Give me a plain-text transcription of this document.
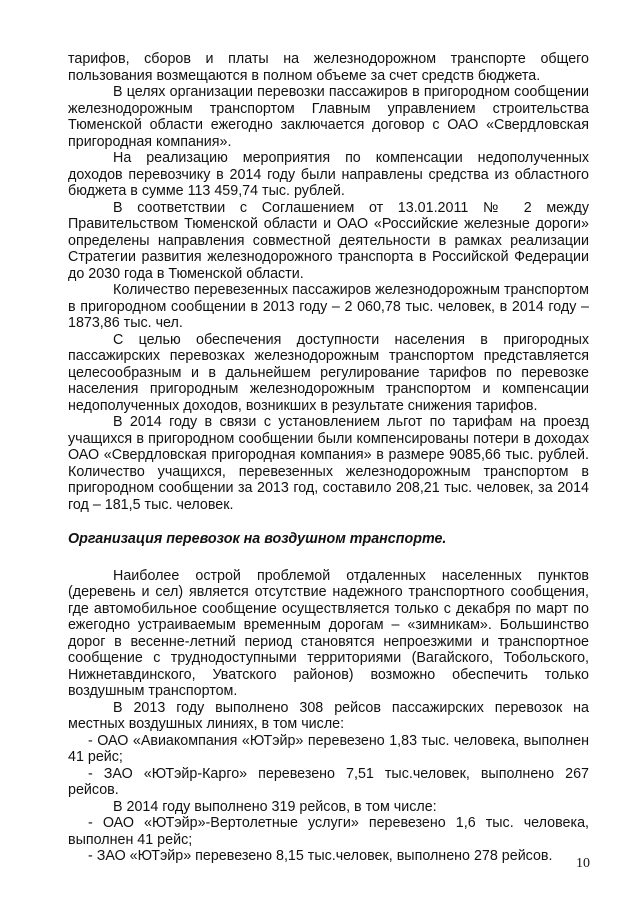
тарифов, сборов и платы на железнодорожном транспорте общего пользования возмещаются в полном объеме за счет средств бюджета.

В целях организации перевозки пассажиров в пригородном сообщении железнодорожным транспортом Главным управлением строительства Тюменской области ежегодно заключается договор с ОАО «Свердловская пригородная компания».

На реализацию мероприятия по компенсации недополученных доходов перевозчику в 2014 году были направлены средства из областного бюджета в сумме 113 459,74 тыс. рублей.

В соответствии с Соглашением от 13.01.2011 № 2 между Правительством Тюменской области и ОАО «Российские железные дороги» определены направления совместной деятельности в рамках реализации Стратегии развития железнодорожного транспорта в Российской Федерации до 2030 года в Тюменской области.

Количество перевезенных пассажиров железнодорожным транспортом в пригородном сообщении в 2013 году – 2 060,78 тыс. человек, в 2014 году – 1873,86 тыс. чел.

С целью обеспечения доступности населения в пригородных пассажирских перевозках железнодорожным транспортом представляется целесообразным и в дальнейшем регулирование тарифов по перевозке населения пригородным железнодорожным транспортом и компенсации недополученных доходов, возникших в результате снижения тарифов.

В 2014 году в связи с установлением льгот по тарифам на проезд учащихся в пригородном сообщении были компенсированы потери в доходах ОАО «Свердловская пригородная компания» в размере 9085,66 тыс. рублей. Количество учащихся, перевезенных железнодорожным транспортом в пригородном сообщении за 2013 год, составило 208,21 тыс. человек, за 2014 год – 181,5 тыс. человек.

Организация перевозок на воздушном транспорте.

Наиболее острой проблемой отдаленных населенных пунктов (деревень и сел) является отсутствие надежного транспортного сообщения, где автомобильное сообщение осуществляется только с декабря по март по ежегодно устраиваемым временным дорогам – «зимникам». Большинство дорог в весенне-летний период становятся непроезжими и транспортное сообщение с труднодоступными территориями (Вагайского, Тобольского, Нижнетавдинского, Уватского районов) возможно обеспечить только воздушным транспортом.

В 2013 году выполнено 308 рейсов пассажирских перевозок на местных воздушных линиях, в том числе:

- ОАО «Авиакомпания «ЮТэйр» перевезено 1,83 тыс. человека, выполнен 41 рейс;

- ЗАО «ЮТэйр-Карго» перевезено 7,51 тыс.человек, выполнено 267 рейсов.

В 2014 году выполнено 319 рейсов, в том числе:

- ОАО «ЮТэйр»-Вертолетные услуги» перевезено 1,6 тыс. человека, выполнен 41 рейс;

- ЗАО «ЮТэйр» перевезено 8,15 тыс.человек, выполнено 278 рейсов.	10
